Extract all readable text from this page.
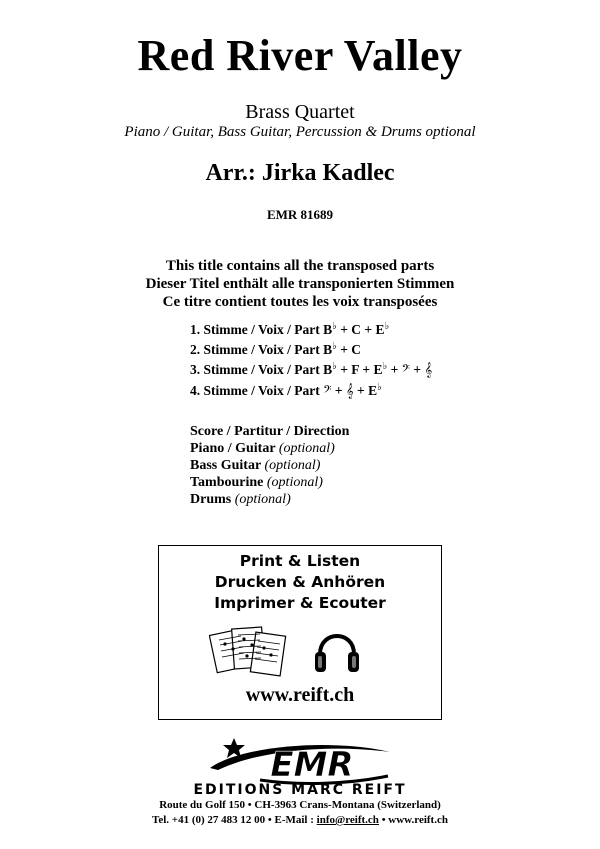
Red River Valley
Brass Quartet
Piano / Guitar, Bass Guitar, Percussion & Drums optional
Arr.: Jirka Kadlec
EMR 81689
This title contains all the transposed parts
Dieser Titel enthält alle transponierten Stimmen
Ce titre contient toutes les voix transposées
1. Stimme / Voix / Part B♭ + C + E♭
2. Stimme / Voix / Part B♭ + C
3. Stimme / Voix / Part B♭ + F + E♭ + 𝄢 + 𝄞
4. Stimme / Voix / Part 𝄢 + 𝄞 + E♭
Score / Partitur / Direction
Piano / Guitar (optional)
Bass Guitar (optional)
Tambourine (optional)
Drums (optional)
Print & Listen
Drucken & Anhören
Imprimer & Ecouter
www.reift.ch
EMR
EDITIONS MARC REIFT
Route du Golf 150 • CH-3963 Crans-Montana (Switzerland)
Tel. +41 (0) 27 483 12 00 • E-Mail : info@reift.ch • www.reift.ch
